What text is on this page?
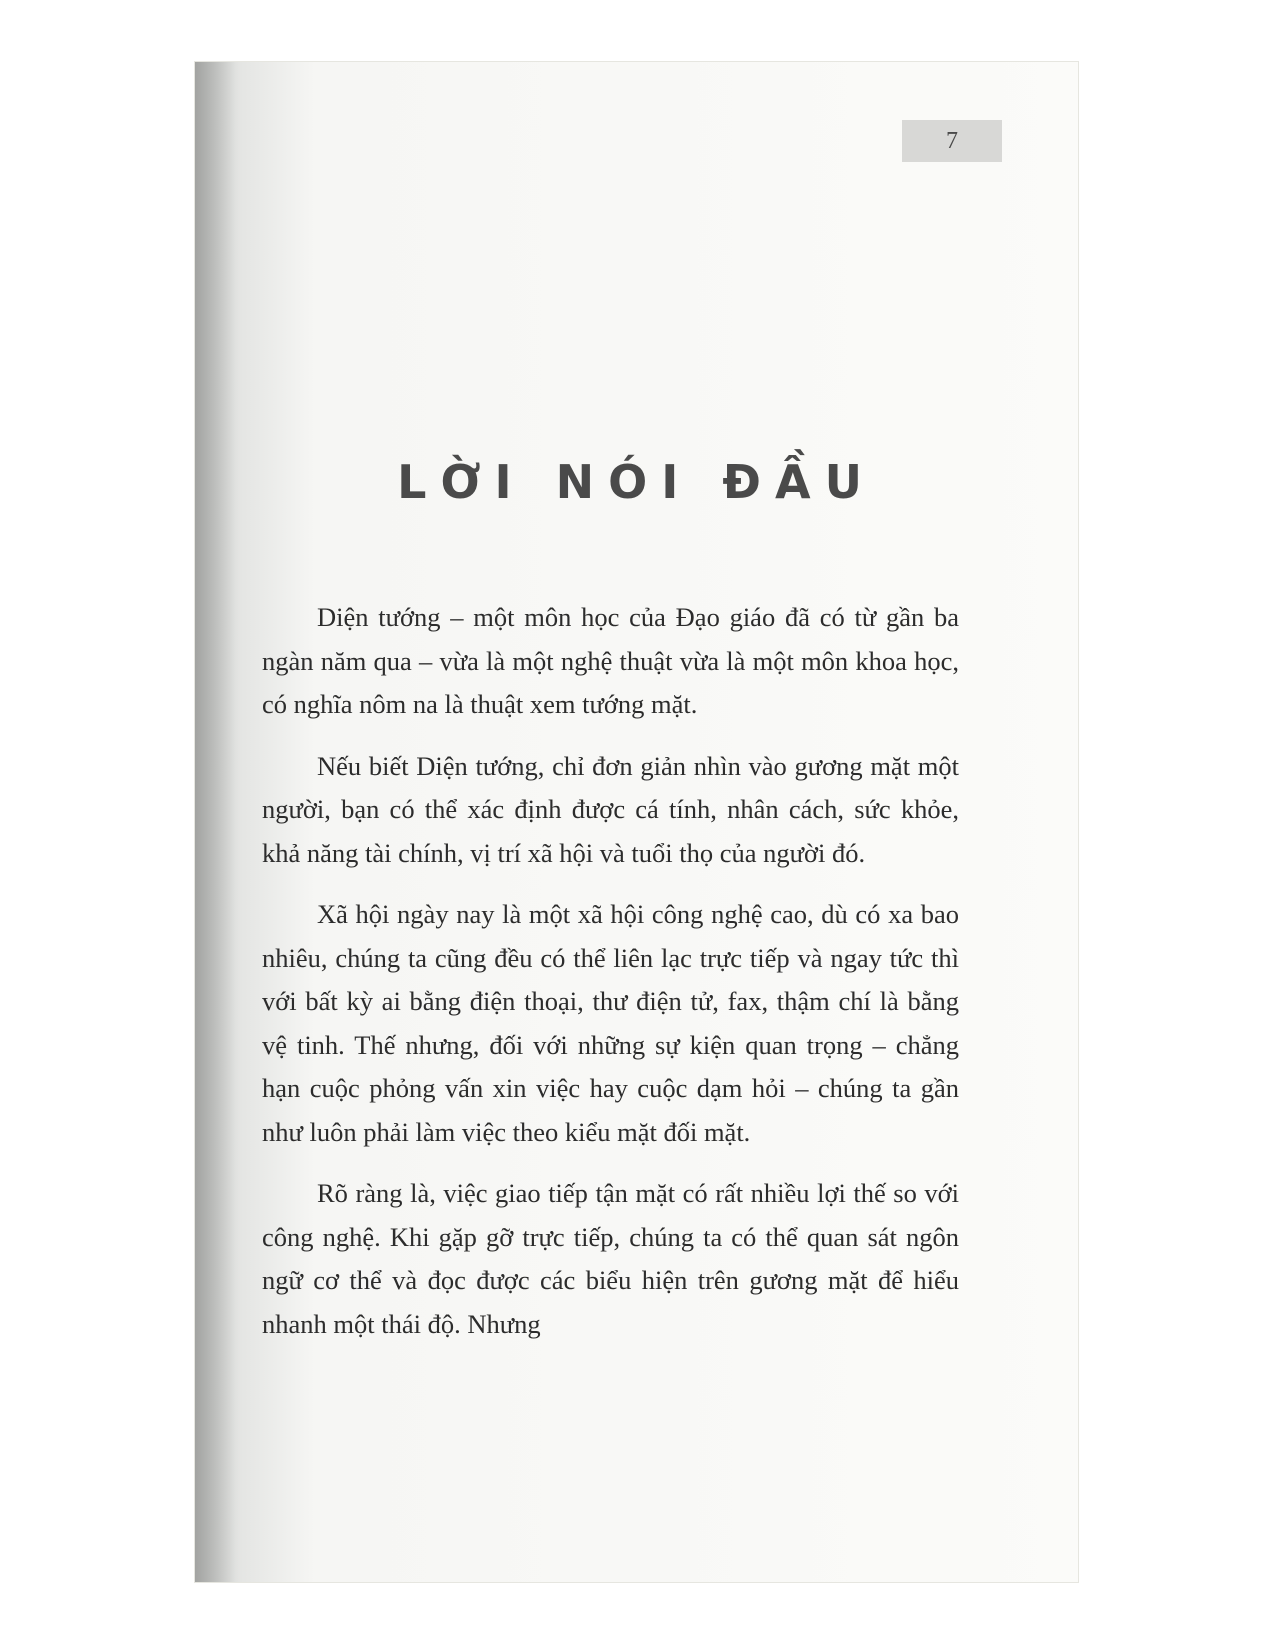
7
LỜI NÓI ĐẦU

Diện tướng – một môn học của Đạo giáo đã có từ gần ba ngàn năm qua – vừa là một nghệ thuật vừa là một môn khoa học, có nghĩa nôm na là thuật xem tướng mặt.

Nếu biết Diện tướng, chỉ đơn giản nhìn vào gương mặt một người, bạn có thể xác định được cá tính, nhân cách, sức khỏe, khả năng tài chính, vị trí xã hội và tuổi thọ của người đó.

Xã hội ngày nay là một xã hội công nghệ cao, dù có xa bao nhiêu, chúng ta cũng đều có thể liên lạc trực tiếp và ngay tức thì với bất kỳ ai bằng điện thoại, thư điện tử, fax, thậm chí là bằng vệ tinh. Thế nhưng, đối với những sự kiện quan trọng – chẳng hạn cuộc phỏng vấn xin việc hay cuộc dạm hỏi – chúng ta gần như luôn phải làm việc theo kiểu mặt đối mặt.

Rõ ràng là, việc giao tiếp tận mặt có rất nhiều lợi thế so với công nghệ. Khi gặp gỡ trực tiếp, chúng ta có thể quan sát ngôn ngữ cơ thể và đọc được các biểu hiện trên gương mặt để hiểu nhanh một thái độ. Nhưng
